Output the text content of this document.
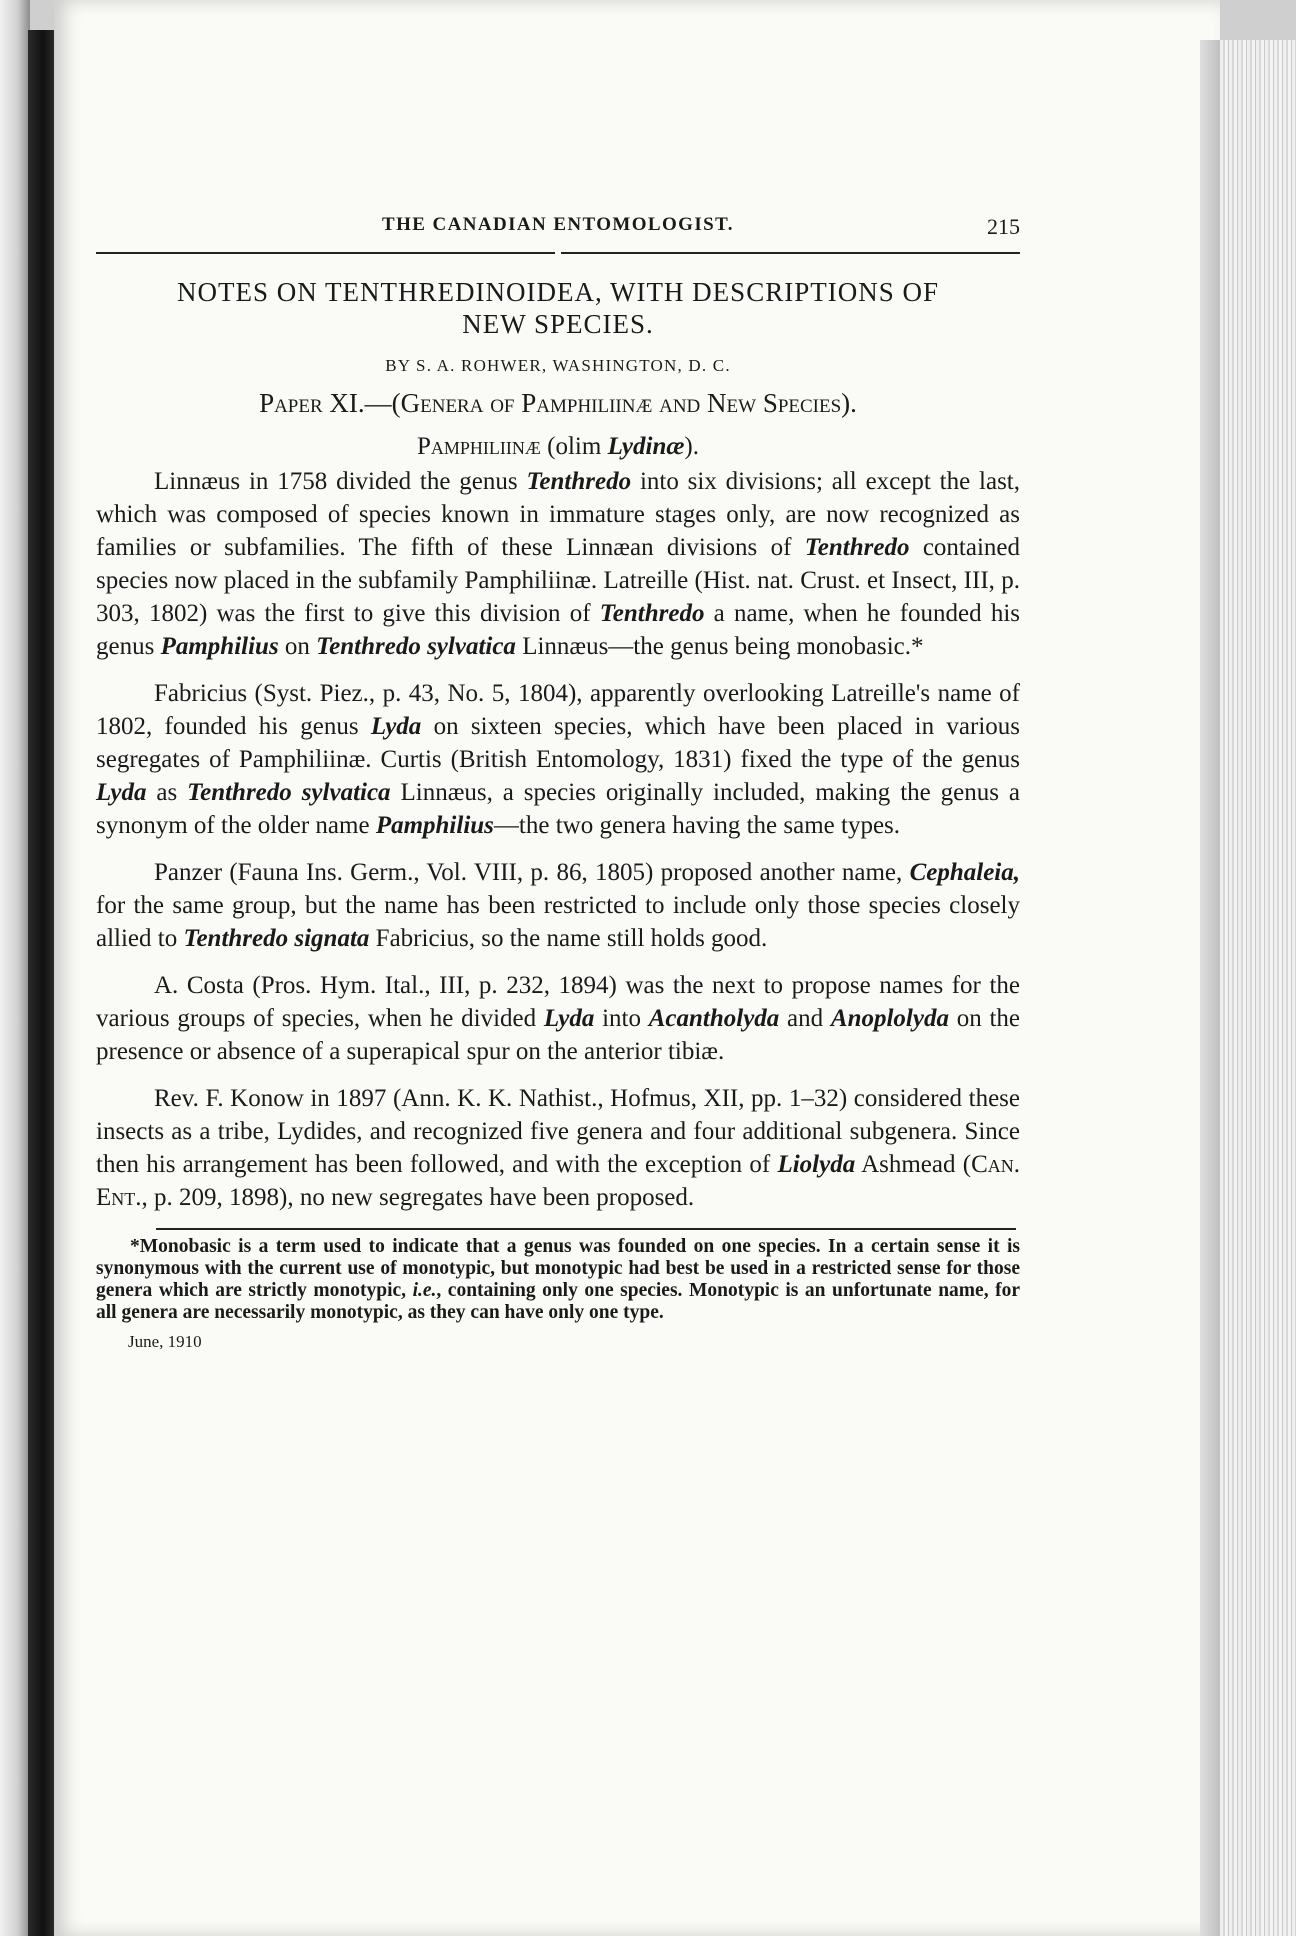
THE CANADIAN ENTOMOLOGIST.	215
NOTES ON TENTHREDINOIDEA, WITH DESCRIPTIONS OF
NEW SPECIES.
BY S. A. ROHWER, WASHINGTON, D. C.
Paper XI.—(Genera of Pamphiliinæ and New Species).
Pamphiliinæ (olim Lydinæ).

Linnæus in 1758 divided the genus Tenthredo into six divisions; all except the last, which was composed of species known in immature stages only, are now recognized as families or subfamilies. The fifth of these Linnæan divisions of Tenthredo contained species now placed in the subfamily Pamphiliinæ. Latreille (Hist. nat. Crust. et Insect, III, p. 303, 1802) was the first to give this division of Tenthredo a name, when he founded his genus Pamphilius on Tenthredo sylvatica Linnæus—the genus being monobasic.*

Fabricius (Syst. Piez., p. 43, No. 5, 1804), apparently overlooking Latreille's name of 1802, founded his genus Lyda on sixteen species, which have been placed in various segregates of Pamphiliinæ. Curtis (British Entomology, 1831) fixed the type of the genus Lyda as Tenthredo sylvatica Linnæus, a species originally included, making the genus a synonym of the older name Pamphilius—the two genera having the same types.

Panzer (Fauna Ins. Germ., Vol. VIII, p. 86, 1805) proposed another name, Cephaleia, for the same group, but the name has been restricted to include only those species closely allied to Tenthredo signata Fabricius, so the name still holds good.

A. Costa (Pros. Hym. Ital., III, p. 232, 1894) was the next to propose names for the various groups of species, when he divided Lyda into Acantholyda and Anoplolyda on the presence or absence of a superapical spur on the anterior tibiæ.

Rev. F. Konow in 1897 (Ann. K. K. Nathist., Hofmus, XII, pp. 1–32) considered these insects as a tribe, Lydides, and recognized five genera and four additional subgenera. Since then his arrangement has been followed, and with the exception of Liolyda Ashmead (Can. Ent., p. 209, 1898), no new segregates have been proposed.

*Monobasic is a term used to indicate that a genus was founded on one species. In a certain sense it is synonymous with the current use of monotypic, but monotypic had best be used in a restricted sense for those genera which are strictly monotypic, i.e., containing only one species. Monotypic is an unfortunate name, for all genera are necessarily monotypic, as they can have only one type.

June, 1910
